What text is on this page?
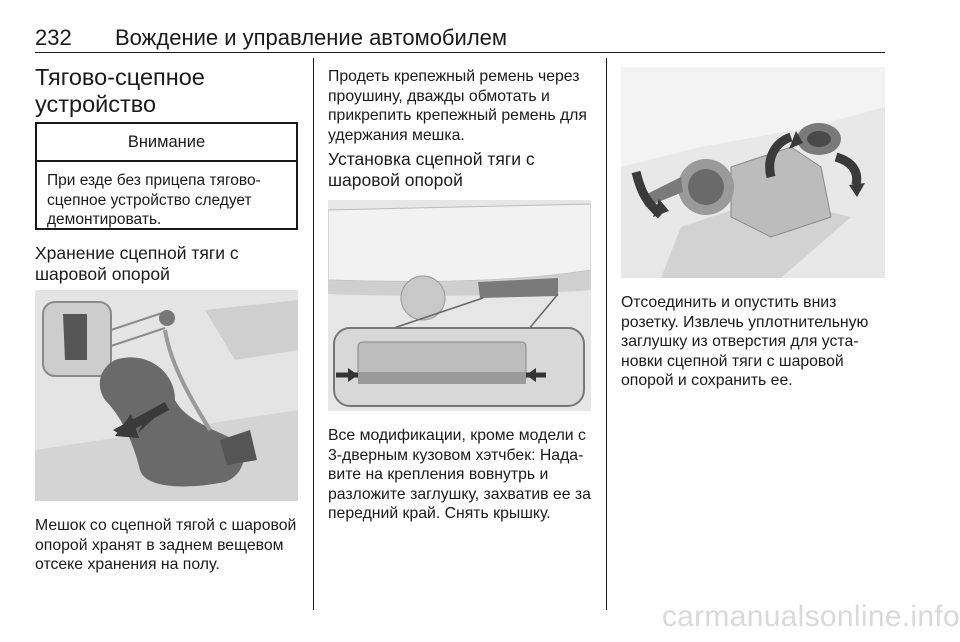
232 Вождение и управление автомобилем
Тягово-сцепное устройство
Внимание
При езде без прицепа тягово-сцепное устройство следует демонтировать.
Хранение сцепной тяги с шаровой опорой
Мешок со сцепной тягой с шаровой опорой хранят в заднем вещевом отсеке хранения на полу.
Продеть крепежный ремень через проушину, дважды обмотать и прикрепить крепежный ремень для удержания мешка.
Установка сцепной тяги с шаровой опорой
Все модификации, кроме модели с 3-дверным кузовом хэтчбек: Нада-вите на крепления вовнутрь и разложите заглушку, захватив ее за передний край. Снять крышку.
Отсоединить и опустить вниз розетку. Извлечь уплотнительную заглушку из отверстия для уста-новки сцепной тяги с шаровой опорой и сохранить ее.
carmanualsonline.info
